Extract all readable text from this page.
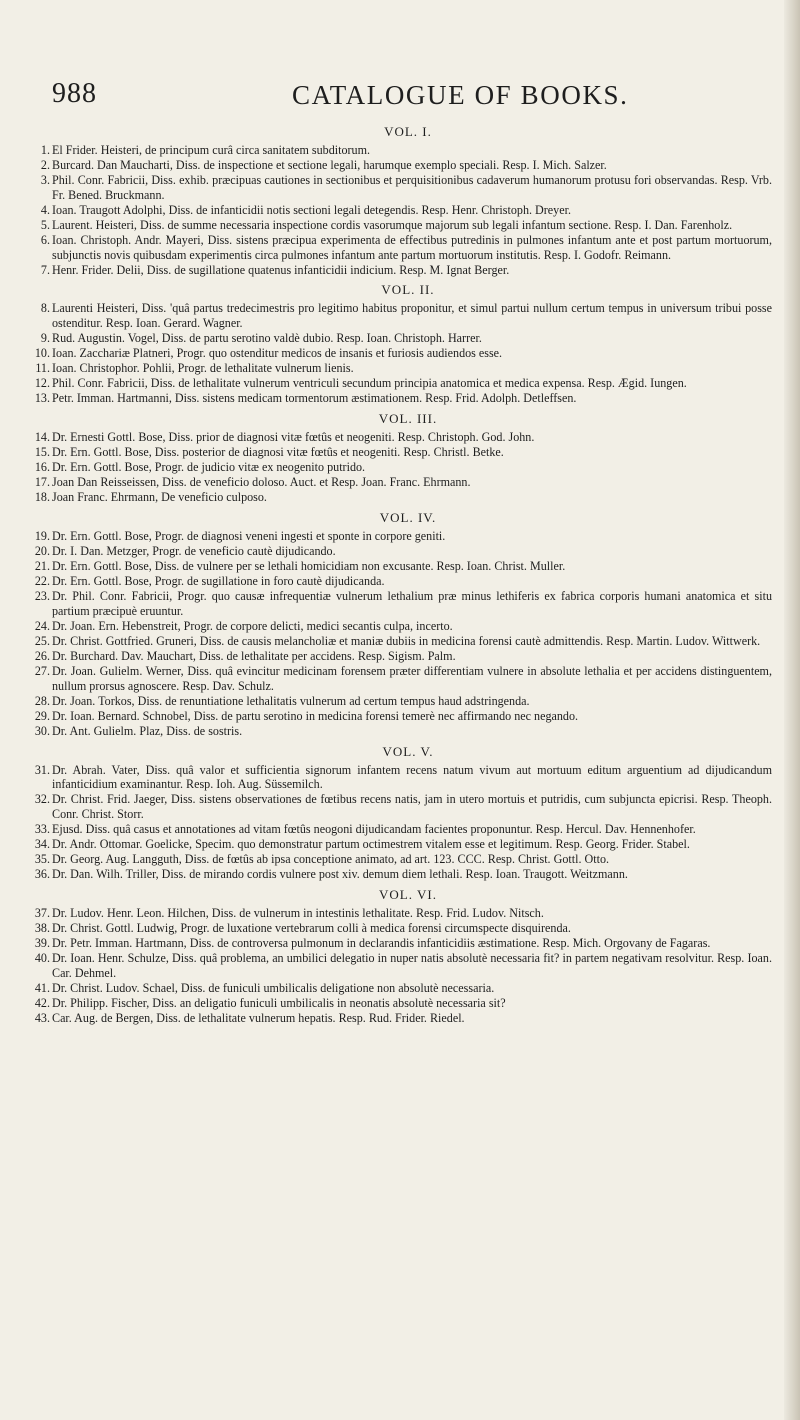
988	CATALOGUE OF BOOKS.
VOL. I.
1. El Frider. Heisteri, de principum curâ circa sanitatem subditorum.
2. Burcard. Dan Maucharti, Diss. de inspectione et sectione legali, harumque exemplo speciali. Resp. I. Mich. Salzer.
3. Phil. Conr. Fabricii, Diss. exhib. præcipuas cautiones in sectionibus et perquisitionibus cadaverum humanorum protusu fori observandas. Resp. Vrb. Fr. Bened. Bruckmann.
4. Ioan. Traugott Adolphi, Diss. de infanticidii notis sectioni legali detegendis. Resp. Henr. Christoph. Dreyer.
5. Laurent. Heisteri, Diss. de summe necessaria inspectione cordis vasorumque majorum sub legali infantum sectione. Resp. I. Dan. Farenholz.
6. Ioan. Christoph. Andr. Mayeri, Diss. sistens præcipua experimenta de effectibus putredinis in pulmones infantum ante et post partum mortuorum, subjunctis novis quibusdam experimentis circa pulmones infantum ante partum mortuorum institutis. Resp. I. Godofr. Reimann.
7. Henr. Frider. Delii, Diss. de sugillatione quatenus infanticidii indicium. Resp. M. Ignat Berger.
VOL. II.
8. Laurenti Heisteri, Diss. 'quâ partus tredecimestris pro legitimo habitus proponitur, et simul partui nullum certum tempus in universum tribui posse ostenditur. Resp. Ioan. Gerard. Wagner.
9. Rud. Augustin. Vogel, Diss. de partu serotino valdè dubio. Resp. Ioan. Christoph. Harrer.
10. Ioan. Zacchariæ Platneri, Progr. quo ostenditur medicos de insanis et furiosis audiendos esse.
11. Ioan. Christophor. Pohlii, Progr. de lethalitate vulnerum lienis.
12. Phil. Conr. Fabricii, Diss. de lethalitate vulnerum ventriculi secundum principia anatomica et medica expensa. Resp. Ægid. Iungen.
13. Petr. Imman. Hartmanni, Diss. sistens medicam tormentorum æstimationem. Resp. Frid. Adolph. Detleffsen.
VOL. III.
14. Dr. Ernesti Gottl. Bose, Diss. prior de diagnosi vitæ fœtûs et neogeniti. Resp. Christoph. God. John.
15. Dr. Ern. Gottl. Bose, Diss. posterior de diagnosi vitæ fœtûs et neogeniti. Resp. Christl. Betke.
16. Dr. Ern. Gottl. Bose, Progr. de judicio vitæ ex neogenito putrido.
17. Joan Dan Reisseissen, Diss. de veneficio doloso. Auct. et Resp. Joan. Franc. Ehrmann.
18. Joan Franc. Ehrmann, De veneficio culposo.
VOL. IV.
19. Dr. Ern. Gottl. Bose, Progr. de diagnosi veneni ingesti et sponte in corpore geniti.
20. Dr. I. Dan. Metzger, Progr. de veneficio cautè dijudicando.
21. Dr. Ern. Gottl. Bose, Diss. de vulnere per se lethali homicidiam non excusante. Resp. Ioan. Christ. Muller.
22. Dr. Ern. Gottl. Bose, Progr. de sugillatione in foro cautè dijudicanda.
23. Dr. Phil. Conr. Fabricii, Progr. quo causæ infrequentiæ vulnerum lethalium præ minus lethiferis ex fabrica corporis humani anatomica et situ partium præcipuè eruuntur.
24. Dr. Joan. Ern. Hebenstreit, Progr. de corpore delicti, medici secantis culpa, incerto.
25. Dr. Christ. Gottfried. Gruneri, Diss. de causis melancholiæ et maniæ dubiis in medicina forensi cautè admittendis. Resp. Martin. Ludov. Wittwerk.
26. Dr. Burchard. Dav. Mauchart, Diss. de lethalitate per accidens. Resp. Sigism. Palm.
27. Dr. Joan. Gulielm. Werner, Diss. quâ evincitur medicinam forensem præter differentiam vulnere in absolute lethalia et per accidens distinguentem, nullum prorsus agnoscere. Resp. Dav. Schulz.
28. Dr. Joan. Torkos, Diss. de renuntiatione lethalitatis vulnerum ad certum tempus haud adstringenda.
29. Dr. Ioan. Bernard. Schnobel, Diss. de partu serotino in medicina forensi temerè nec affirmando nec negando.
30. Dr. Ant. Gulielm. Plaz, Diss. de sostris.
VOL. V.
31. Dr. Abrah. Vater, Diss. quâ valor et sufficientia signorum infantem recens natum vivum aut mortuum editum arguentium ad dijudicandum infanticidium examinantur. Resp. Ioh. Aug. Süssemilch.
32. Dr. Christ. Frid. Jaeger, Diss. sistens observationes de fœtibus recens natis, jam in utero mortuis et putridis, cum subjuncta epicrisi. Resp. Theoph. Conr. Christ. Storr.
33. Ejusd. Diss. quâ casus et annotationes ad vitam fœtûs neogoni dijudicandam facientes proponuntur. Resp. Hercul. Dav. Hennenhofer.
34. Dr. Andr. Ottomar. Goelicke, Specim. quo demonstratur partum octimestrem vitalem esse et legitimum. Resp. Georg. Frider. Stabel.
35. Dr. Georg. Aug. Langguth, Diss. de fœtûs ab ipsa conceptione animato, ad art. 123. CCC. Resp. Christ. Gottl. Otto.
36. Dr. Dan. Wilh. Triller, Diss. de mirando cordis vulnere post xiv. demum diem lethali. Resp. Ioan. Traugott. Weitzmann.
VOL. VI.
37. Dr. Ludov. Henr. Leon. Hilchen, Diss. de vulnerum in intestinis lethalitate. Resp. Frid. Ludov. Nitsch.
38. Dr. Christ. Gottl. Ludwig, Progr. de luxatione vertebrarum colli à medica forensi circumspecte disquirenda.
39. Dr. Petr. Imman. Hartmann, Diss. de controversa pulmonum in declarandis infanticidiis æstimatione. Resp. Mich. Orgovany de Fagaras.
40. Dr. Ioan. Henr. Schulze, Diss. quâ problema, an umbilici delegatio in nuper natis absolutè necessaria fit? in partem negativam resolvitur. Resp. Ioan. Car. Dehmel.
41. Dr. Christ. Ludov. Schael, Diss. de funiculi umbilicalis deligatione non absolutè necessaria.
42. Dr. Philipp. Fischer, Diss. an deligatio funiculi umbilicalis in neonatis absolutè necessaria sit?
43. Car. Aug. de Bergen, Diss. de lethalitate vulnerum hepatis. Resp. Rud. Frider. Riedel.
